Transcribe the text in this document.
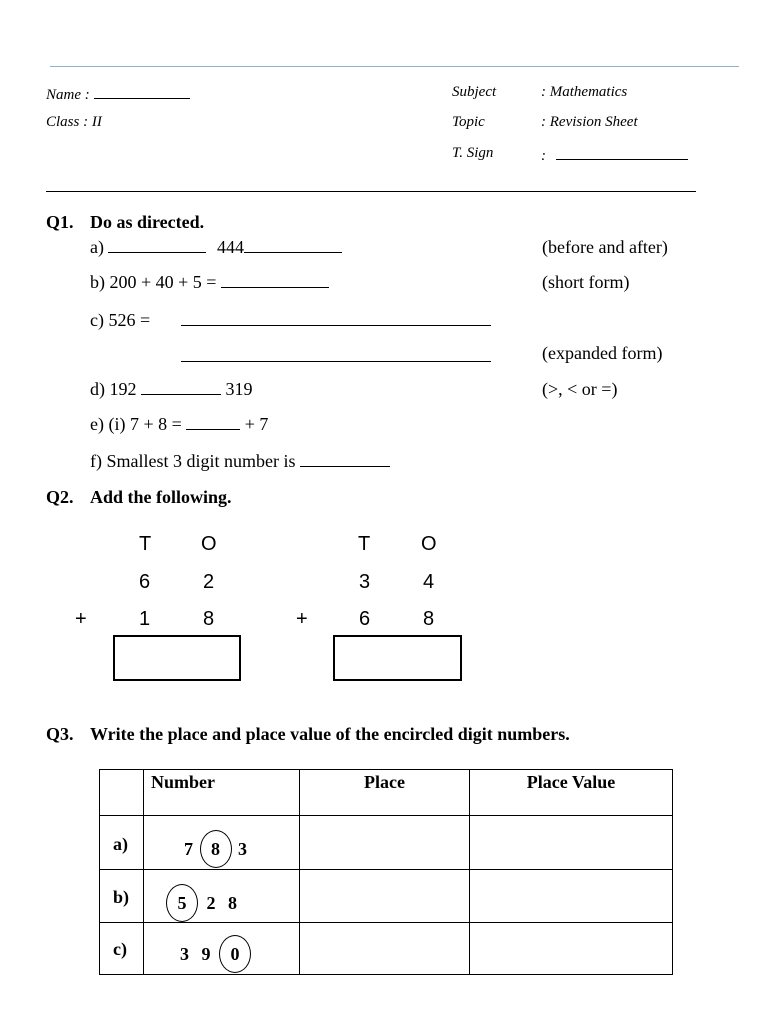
Name :
Class : II
Subject	: Mathematics
Topic	: Revision Sheet
T. Sign	:
Q1. Do as directed.
a)	444	(before and after)
b) 200 + 40 + 5 =	(short form)
c) 526 =
(expanded form)
d) 192	319	(>, < or =)
e) (i) 7 + 8 =	+ 7
f) Smallest 3 digit number is
Q2. Add the following.
T O
6	2
+	1	8
T	O
3	4
+	6	8
Q3. Write the place and place value of the encircled digit numbers.
	Number	Place	Place Value
a)	7 8 3		
b)	5 2 8		
c)	3 9 0		
